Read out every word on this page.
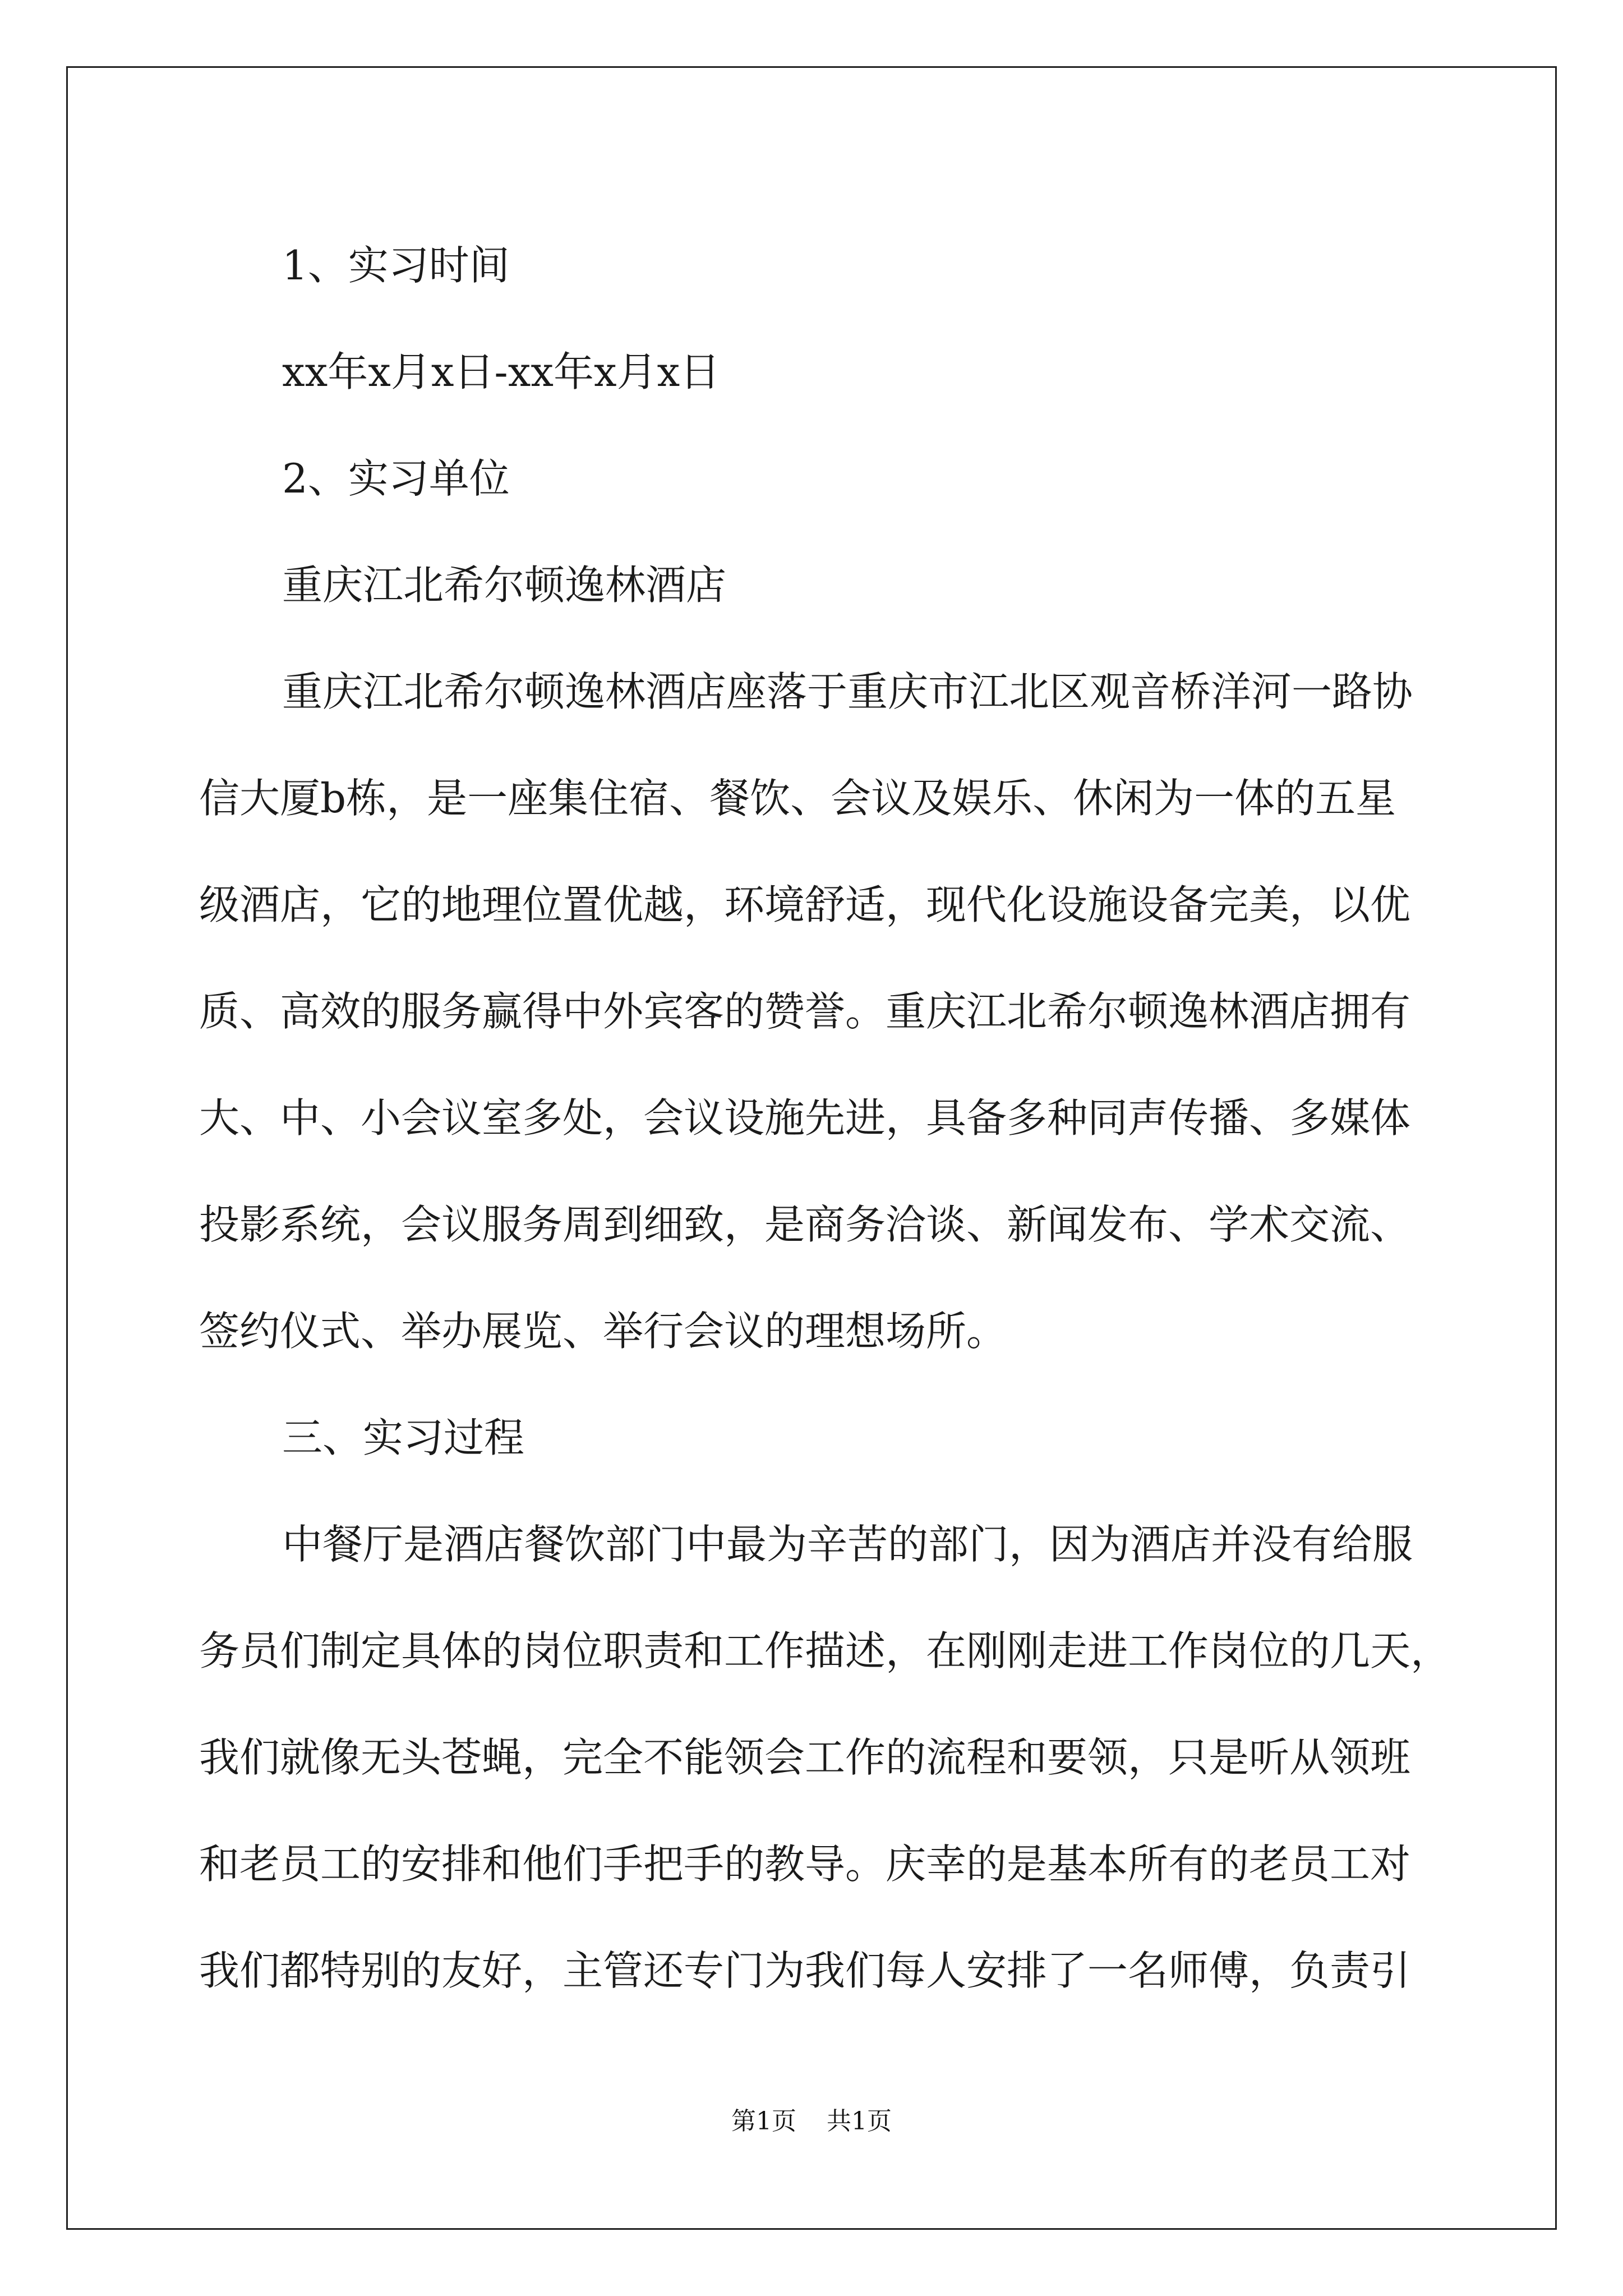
1、实习时间
xx年x月x日-xx年x月x日
2、实习单位
重庆江北希尔顿逸林酒店
重庆江北希尔顿逸林酒店座落于重庆市江北区观音桥洋河一路协
信大厦b栋，是一座集住宿、餐饮、会议及娱乐、休闲为一体的五星
级酒店，它的地理位置优越，环境舒适，现代化设施设备完美，以优
质、高效的服务赢得中外宾客的赞誉。重庆江北希尔顿逸林酒店拥有
大、中、小会议室多处，会议设施先进，具备多种同声传播、多媒体
投影系统，会议服务周到细致，是商务洽谈、新闻发布、学术交流、
签约仪式、举办展览、举行会议的理想场所。
三、实习过程
中餐厅是酒店餐饮部门中最为辛苦的部门，因为酒店并没有给服
务员们制定具体的岗位职责和工作描述，在刚刚走进工作岗位的几天，
我们就像无头苍蝇，完全不能领会工作的流程和要领，只是听从领班
和老员工的安排和他们手把手的教导。庆幸的是基本所有的老员工对
我们都特别的友好，主管还专门为我们每人安排了一名师傅，负责引
第1页 共1页
